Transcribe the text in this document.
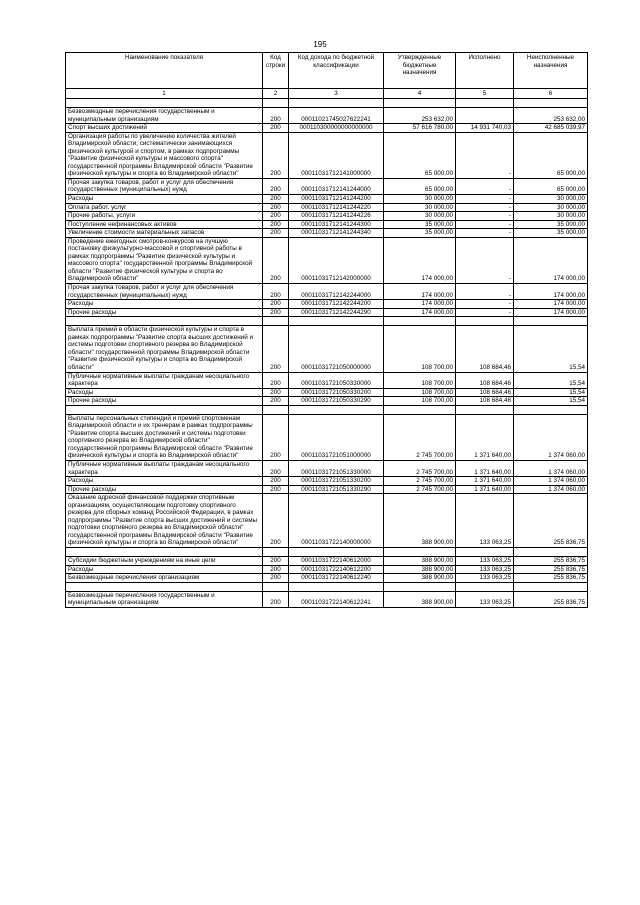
195
Наименование показателя	Код строки	Код дохода по бюджетной классификации	Утвержденные бюджетные назначения	Исполнено	Неисполненные назначения
1	2	3	4	5	6

Безвозмездные перечисления государственным и муниципальным организациям	200	00011021745027622241	253 632,00		253 632,00
Спорт высших достижений	200	000110300000000000000	57 616 780,00	14 931 740,03	42 685 039,97
Организация работы по увеличению количества жителей Владимирской области, систематически занимающихся физической культурой и спортом, в рамках подпрограммы "Развитие физической культуры и массового спорта" государственной программы Владимирской области "Развитие физической культуры и спорта во Владимирской области"	200	00011031712141000000	65 000,00	-	65 000,00
Прочая закупка товаров, работ и услуг для обеспечения государственных (муниципальных) нужд	200	00011031712141244000	65 000,00	-	65 000,00
Расходы	200	00011031712141244200	30 000,00	-	30 000,00
Оплата работ, услуг	200	00011031712141244220	30 000,00	-	30 000,00
Прочие работы, услуги	200	00011031712141244226	30 000,00	-	30 000,00
Поступление нефинансовых активов	200	00011031712141244300	35 000,00	-	35 000,00
Увеличение стоимости материальных запасов	200	00011031712141244340	35 000,00	-	35 000,00
Проведение ежегодных смотров-конкурсов на лучшую постановку физкультурно-массовой и спортивной работы в рамках подпрограммы "Развитие физической культуры и массового спорта" государственной программы Владимирской области "Развитие физической культуры и спорта во Владимирской области"	200	00011031712142000000	174 000,00	-	174 000,00
Прочая закупка товаров, работ и услуг для обеспечения государственных (муниципальных) нужд	200	00011031712142244000	174 000,00	-	174 000,00
Расходы	200	00011031712142244200	174 000,00	-	174 000,00
Прочие расходы	200	00011031712142244290	174 000,00	-	174 000,00

Выплата премий в области физической культуры и спорта в рамках подпрограммы "Развитие спорта высших достижений и системы подготовки спортивного резерва во Владимирской области" государственной программы Владимирской области "Развитие физической культуры и спорта во Владимирской области"	200	00011031721050000000	108 700,00	108 684,46	15,54
Публичные нормативные выплаты гражданам несоциального характера	200	00011031721050330000	108 700,00	108 684,46	15,54
Расходы	200	00011031721050330200	108 700,00	108 684,46	15,54
Прочие расходы	200	00011031721050330290	108 700,00	108 684,46	15,54

Выплаты персональных стипендий и премий спортсменам Владимирской области и их тренерам в рамках подпрограммы "Развитие спорта высших достижений и системы подготовки спортивного резерва во Владимирской области" государственной программы Владимирской области "Развитие физической культуры и спорта во Владимирской области"	200	00011031721051000000	2 745 700,00	1 371 640,00	1 374 060,00
Публичные нормативные выплаты гражданам несоциального характера	200	00011031721051330000	2 745 700,00	1 371 640,00	1 374 060,00
Расходы	200	00011031721051330200	2 745 700,00	1 371 640,00	1 374 060,00
Прочие расходы	200	00011031721051330290	2 745 700,00	1 371 640,00	1 374 060,00
Оказание адресной финансовой поддержки спортивным организациям, осуществляющим подготовку спортивного резерва для сборных команд Российской Федерации, в рамках подпрограммы "Развитие спорта высших достижений и системы подготовки спортивного резерва во Владимирской области" государственной программы Владимирской области "Развитие физической культуры и спорта во Владимирской области"	200	00011031722140000000	388 900,00	133 063,25	255 836,75

Субсидии бюджетным учреждениям на иные цели	200	00011031722140612000	388 900,00	133 063,25	255 836,75
Расходы	200	00011031722140612200	388 900,00	133 063,25	255 836,75
Безвозмездные перечисления организациям	200	00011031722140612240	388 900,00	133 063,25	255 836,75

Безвозмездные перечисления государственным и муниципальным организациям	200	00011031722140612241	388 900,00	133 063,25	255 836,75
